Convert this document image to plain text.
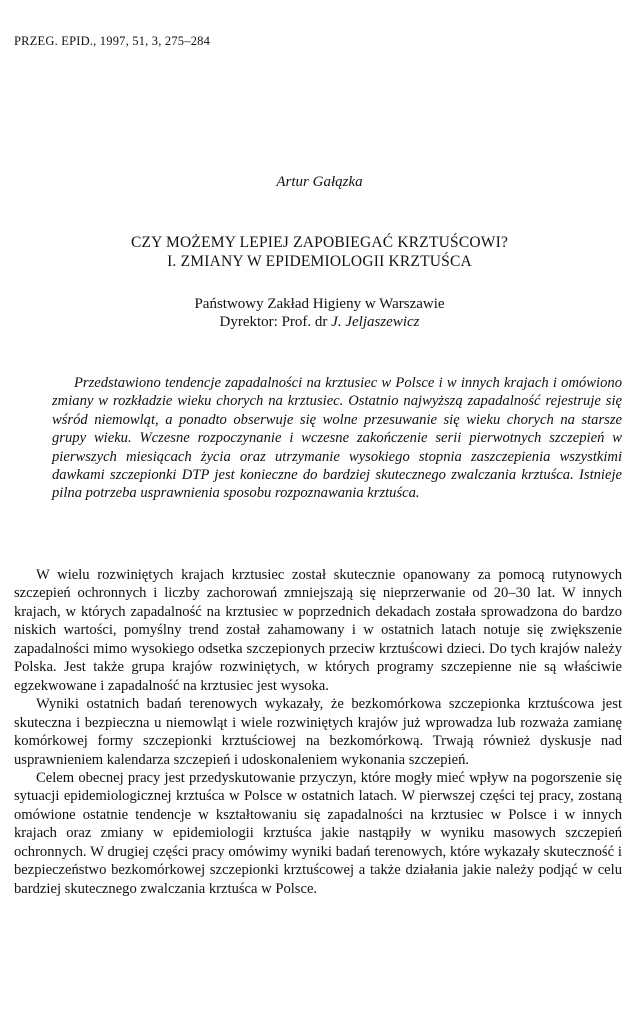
PRZEG. EPID., 1997, 51, 3, 275–284
Artur Gałązka
CZY MOŻEMY LEPIEJ ZAPOBIEGAĆ KRZTUŚCOWI?
I. ZMIANY W EPIDEMIOLOGII KRZTUŚCA
Państwowy Zakład Higieny w Warszawie
Dyrektor: Prof. dr J. Jeljaszewicz

Przedstawiono tendencje zapadalności na krztusiec w Polsce i w innych krajach i omówiono zmiany w rozkładzie wieku chorych na krztusiec. Ostatnio najwyższą zapadalność rejestruje się wśród niemowląt, a ponadto obserwuje się wolne przesuwanie się wieku chorych na starsze grupy wieku. Wczesne rozpoczynanie i wczesne zakończenie serii pierwotnych szczepień w pierwszych miesiącach życia oraz utrzymanie wysokiego stopnia zaszczepienia wszystkimi dawkami szczepionki DTP jest konieczne do bardziej skutecznego zwalczania krztuśca. Istnieje pilna potrzeba usprawnienia sposobu rozpoznawania krztuśca.

W wielu rozwiniętych krajach krztusiec został skutecznie opanowany za pomocą rutynowych szczepień ochronnych i liczby zachorowań zmniejszają się nieprzerwanie od 20–30 lat. W innych krajach, w których zapadalność na krztusiec w poprzednich dekadach została sprowadzona do bardzo niskich wartości, pomyślny trend został zahamowany i w ostatnich latach notuje się zwiększenie zapadalności mimo wysokiego odsetka szczepionych przeciw krztuścowi dzieci. Do tych krajów należy Polska. Jest także grupa krajów rozwiniętych, w których programy szczepienne nie są właściwie egzekwowane i zapadalność na krztusiec jest wysoka.

Wyniki ostatnich badań terenowych wykazały, że bezkomórkowa szczepionka krztuścowa jest skuteczna i bezpieczna u niemowląt i wiele rozwiniętych krajów już wprowadza lub rozważa zamianę komórkowej formy szczepionki krztuściowej na bezkomórkową. Trwają również dyskusje nad usprawnieniem kalendarza szczepień i udoskonaleniem wykonania szczepień.

Celem obecnej pracy jest przedyskutowanie przyczyn, które mogły mieć wpływ na pogorszenie się sytuacji epidemiologicznej krztuśca w Polsce w ostatnich latach. W pierwszej części tej pracy, zostaną omówione ostatnie tendencje w kształtowaniu się zapadalności na krztusiec w Polsce i w innych krajach oraz zmiany w epidemiologii krztuśca jakie nastąpiły w wyniku masowych szczepień ochronnych. W drugiej części pracy omówimy wyniki badań terenowych, które wykazały skuteczność i bezpieczeństwo bezkomórkowej szczepionki krztuścowej a także działania jakie należy podjąć w celu bardziej skutecznego zwalczania krztuśca w Polsce.
